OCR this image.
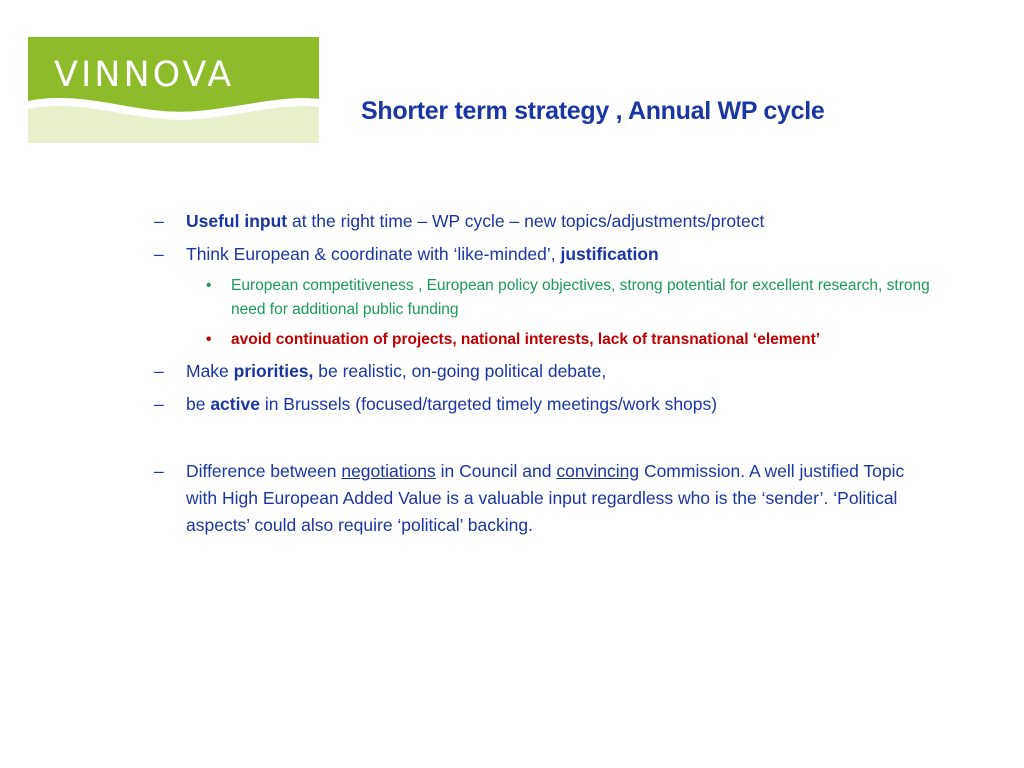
VINNOVA
Shorter term strategy , Annual WP cycle
– Useful input at the right time – WP cycle – new topics/adjustments/protect
– Think European & coordinate with ‘like-minded’, justification
• European competitiveness , European policy objectives, strong potential for excellent research, strong need for additional public funding
• avoid continuation of projects, national interests, lack of transnational ‘element’
– Make priorities, be realistic, on-going political debate,
– be active in Brussels (focused/targeted timely meetings/work shops)
– Difference between negotiations in Council and convincing Commission. A well justified Topic with High European Added Value is a valuable input regardless who is the ‘sender’. ‘Political aspects’ could also require ‘political’ backing.
